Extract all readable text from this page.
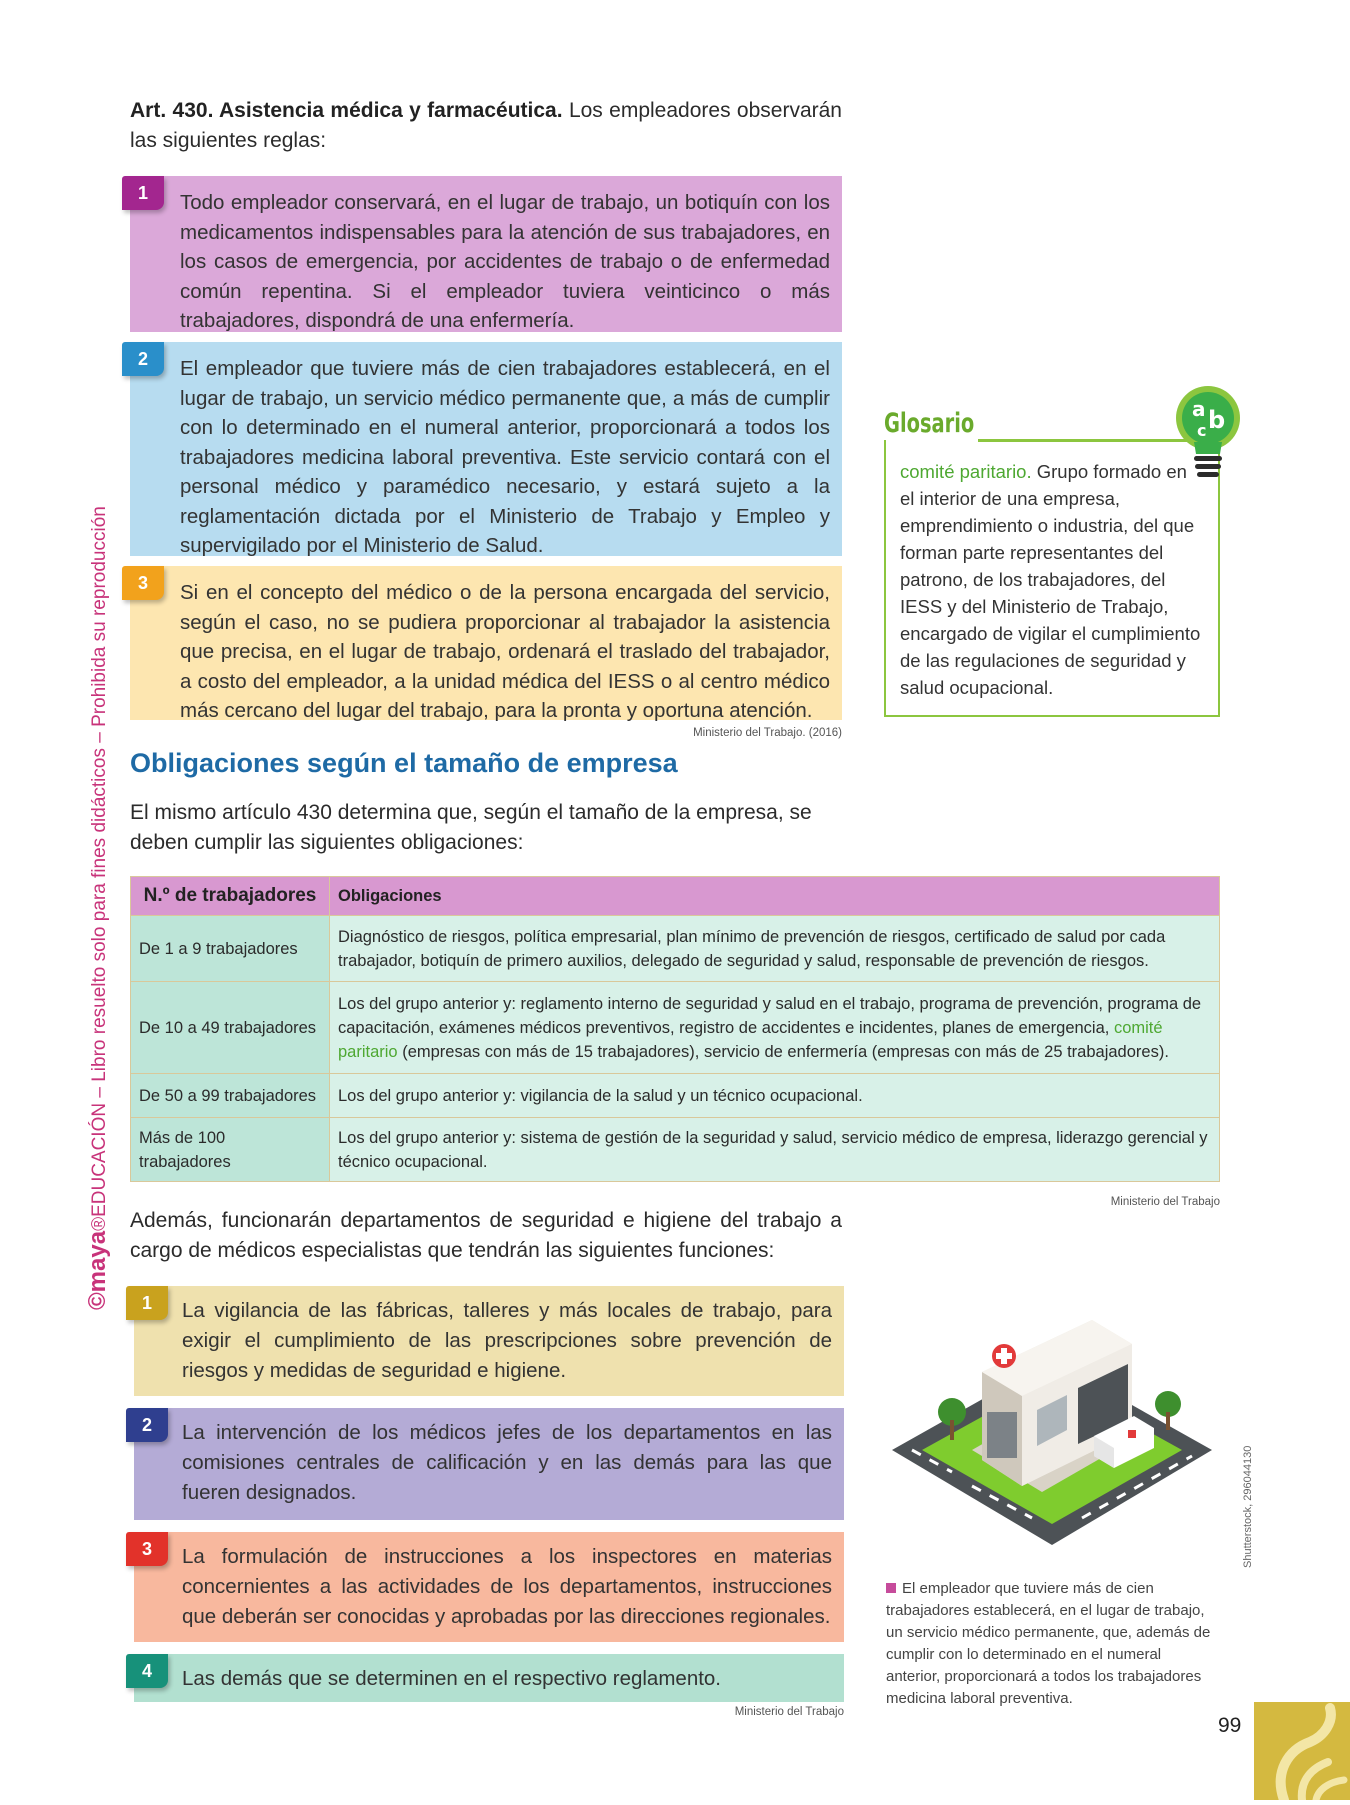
©maya®EDUCACIÓN – Libro resuelto solo para fines didácticos – Prohibida su reproducción

Art. 430. Asistencia médica y farmacéutica. Los empleadores observarán las siguientes reglas:

1	Todo empleador conservará, en el lugar de trabajo, un botiquín con los medicamentos indispensables para la atención de sus trabajadores, en los casos de emergencia, por accidentes de trabajo o de enfermedad común repentina. Si el empleador tuviera veinticinco o más trabajadores, dispondrá de una enfermería.

2	El empleador que tuviere más de cien trabajadores establecerá, en el lugar de trabajo, un servicio médico permanente que, a más de cumplir con lo determinado en el numeral anterior, proporcionará a todos los trabajadores medicina laboral preventiva. Este servicio contará con el personal médico y paramédico necesario, y estará sujeto a la reglamentación dictada por el Ministerio de Trabajo y Empleo y supervigilado por el Ministerio de Salud.

3	Si en el concepto del médico o de la persona encargada del servicio, según el caso, no se pudiera proporcionar al trabajador la asistencia que precisa, en el lugar de trabajo, ordenará el traslado del trabajador, a costo del empleador, a la unidad médica del IESS o al centro médico más cercano del lugar del trabajo, para la pronta y oportuna atención.

Ministerio del Trabajo. (2016)
Obligaciones según el tamaño de empresa

El mismo artículo 430 determina que, según el tamaño de la empresa, se deben cumplir las siguientes obligaciones:

N.º de trabajadores	Obligaciones
De 1 a 9 trabajadores	Diagnóstico de riesgos, política empresarial, plan mínimo de prevención de riesgos, certificado de salud por cada trabajador, botiquín de primero auxilios, delegado de seguridad y salud, responsable de prevención de riesgos.
De 10 a 49 trabajadores	Los del grupo anterior y: reglamento interno de seguridad y salud en el trabajo, programa de prevención, programa de capacitación, exámenes médicos preventivos, registro de accidentes e incidentes, planes de emergencia, comité paritario (empresas con más de 15 trabajadores), servicio de enfermería (empresas con más de 25 trabajadores).
De 50 a 99 trabajadores	Los del grupo anterior y: vigilancia de la salud y un técnico ocupacional.
Más de 100 trabajadores	Los del grupo anterior y: sistema de gestión de la seguridad y salud, servicio médico de empresa, liderazgo gerencial y técnico ocupacional.
Ministerio del Trabajo

Además, funcionarán departamentos de seguridad e higiene del trabajo a cargo de médicos especialistas que tendrán las siguientes funciones:

1	La vigilancia de las fábricas, talleres y más locales de trabajo, para exigir el cumplimiento de las prescripciones sobre prevención de riesgos y medidas de seguridad e higiene.

2	La intervención de los médicos jefes de los departamentos en las comisiones centrales de calificación y en las demás para las que fueren designados.

3	La formulación de instrucciones a los inspectores en materias concernientes a las actividades de los departamentos, instrucciones que deberán ser conocidas y aprobadas por las direcciones regionales.

4	Las demás que se determinen en el respectivo reglamento.

Ministerio del Trabajo
Glosario	a b
c

comité paritario. Grupo formado en el interior de una empresa, emprendimiento o industria, del que forman parte representantes del patrono, de los trabajadores, del IESS y del Ministerio de Trabajo, encargado de vigilar el cumplimiento de las regulaciones de seguridad y salud ocupacional.

Shutterstock, 296044130

El empleador que tuviere más de cien trabajadores establecerá, en el lugar de trabajo, un servicio médico permanente, que, además de cumplir con lo determinado en el numeral anterior, proporcionará a todos los trabajadores medicina laboral preventiva.

99
